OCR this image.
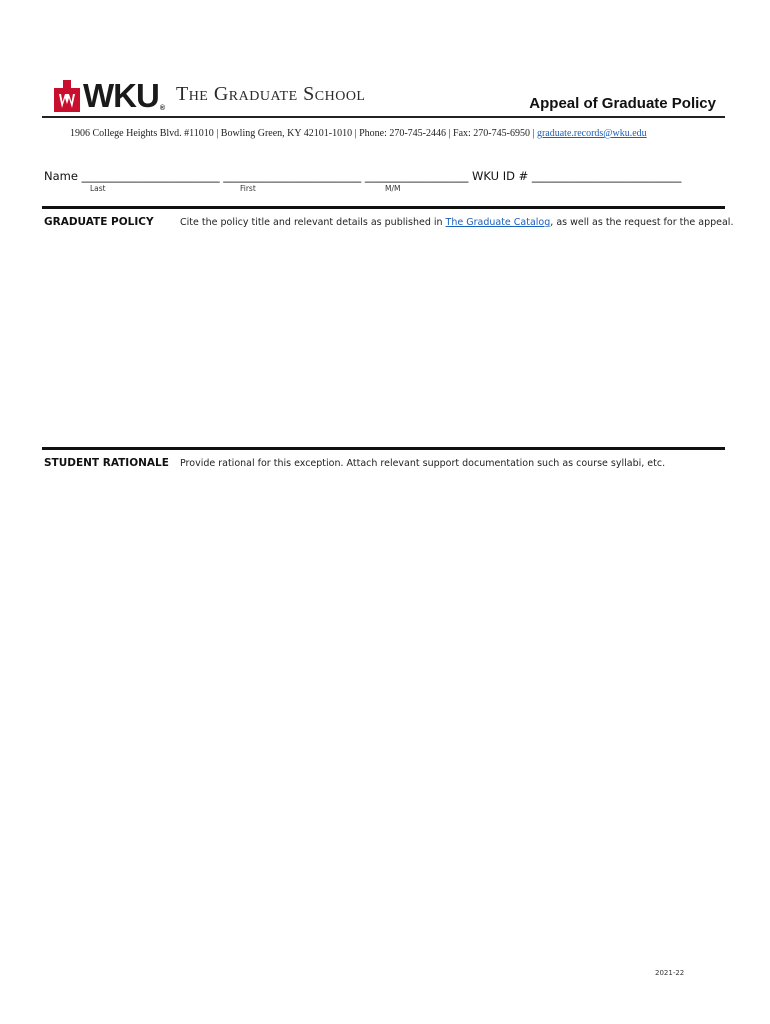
WKU®
The Graduate School	Appeal of Graduate Policy
1906 College Heights Blvd. #11010 | Bowling Green, KY 42101-1010 | Phone: 270-745-2446 | Fax: 270-745-6950 | graduate.records@wku.edu
Name ________________________ ________________________ __________________ WKU ID # __________________________
Last	First	M/M
GRADUATE POLICY	Cite the policy title and relevant details as published in The Graduate Catalog, as well as the request for the appeal.
STUDENT RATIONALE Provide rational for this exception. Attach relevant support documentation such as course syllabi, etc.
2021-22
